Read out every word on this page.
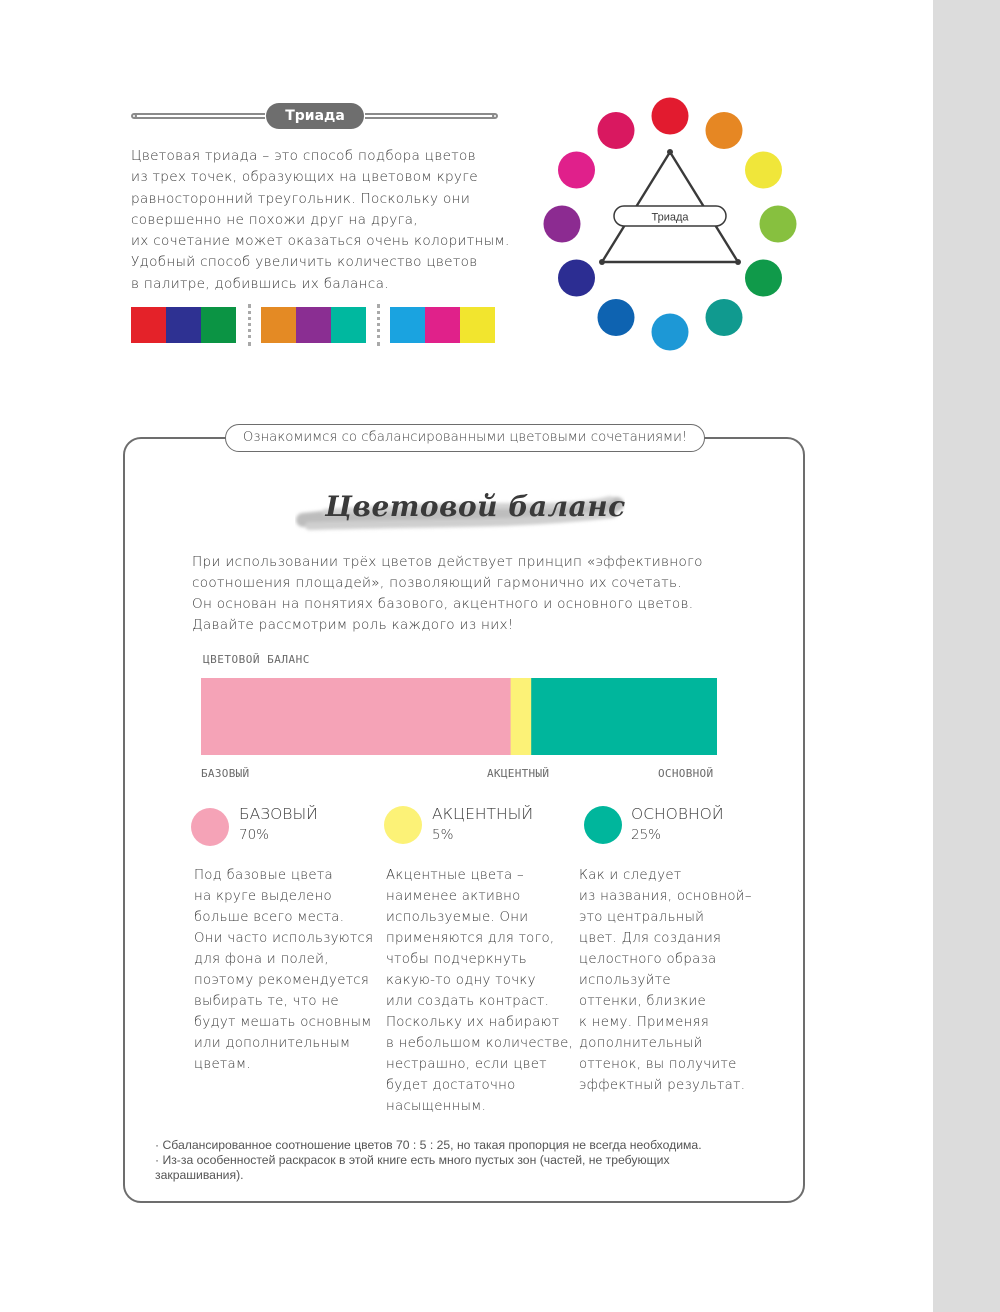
Триада

Цветовая триада – это способ подбора цветов
из трех точек, образующих на цветовом круге
равносторонний треугольник. Поскольку они
совершенно не похожи друг на друга,
их сочетание может оказаться очень колоритным.
Удобный способ увеличить количество цветов
в палитре, добившись их баланса.

Триада
Ознакомимся со сбалансированными цветовыми сочетаниями!
Цветовой баланс

При использовании трёх цветов действует принцип «эффективного
соотношения площадей», позволяющий гармонично их сочетать.
Он основан на понятиях базового, акцентного и основного цветов.
Давайте рассмотрим роль каждого из них!

ЦВЕТОВОЙ БАЛАНС
БАЗОВЫЙ	АКЦЕНТНЫЙ	ОСНОВНОЙ
БАЗОВЫЙ
70%
АКЦЕНТНЫЙ
5%
ОСНОВНОЙ
25%

Под базовые цвета
на круге выделено
больше всего места.
Они часто используются
для фона и полей,
поэтому рекомендуется
выбирать те, что не
будут мешать основным
или дополнительным
цветам.

Акцентные цвета –
наименее активно
используемые. Они
применяются для того,
чтобы подчеркнуть
какую-то одну точку
или создать контраст.
Поскольку их набирают
в небольшом количестве,
нестрашно, если цвет
будет достаточно
насыщенным.

Как и следует
из названия, основной–
это центральный
цвет. Для создания
целостного образа
используйте
оттенки, близкие
к нему. Применяя
дополнительный
оттенок, вы получите
эффектный результат.

· Сбалансированное соотношение цветов 70 : 5 : 25, но такая пропорция не всегда необходима.
· Из-за особенностей раскрасок в этой книге есть много пустых зон (частей, не требующих
закрашивания).
